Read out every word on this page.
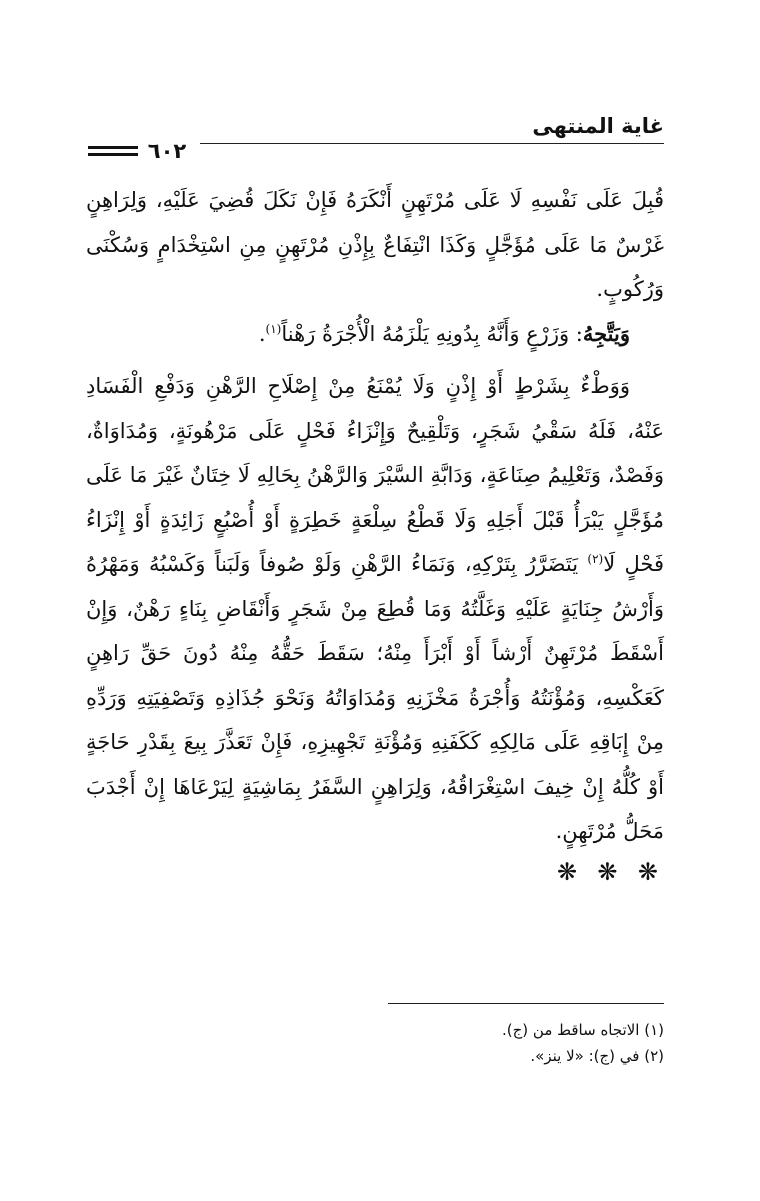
غاية المنتهى
٦٠٢

قُبِلَ عَلَى نَفْسِهِ لَا عَلَى مُرْتَهِنٍ أَنْكَرَهُ فَإِنْ نَكَلَ قُضِيَ عَلَيْهِ، وَلِرَاهِنٍ غَرْسٌ مَا عَلَى مُؤَجَّلٍ وَكَذَا انْتِفَاعٌ بِإِذْنِ مُرْتَهِنٍ مِنِ اسْتِخْدَامٍ وَسُكْنَى وَرُكُوبٍ.

وَيَتَّجِهُ: وَزَرْعٍ وَأَنَّهُ بِدُونِهِ يَلْزَمُهُ الْأُجْرَةُ رَهْناً$^{(١)}$.

وَوَطْءٌ بِشَرْطٍ أَوْ إِذْنٍ وَلَا يُمْنَعُ مِنْ إِصْلَاحِ الرَّهْنِ وَدَفْعِ الْفَسَادِ عَنْهُ، فَلَهُ سَقْيُ شَجَرٍ، وَتَلْقِيحٌ وَإِنْزَاءُ فَحْلٍ عَلَى مَرْهُونَةٍ، وَمُدَاوَاةٌ، وَفَصْدٌ، وَتَعْلِيمُ صِنَاعَةٍ، وَدَابَّةِ السَّيْرَ وَالرَّهْنُ بِحَالِهِ لَا خِتَانٌ غَيْرَ مَا عَلَى مُؤَجَّلٍ يَبْرَأُ قَبْلَ أَجَلِهِ وَلَا قَطْعُ سِلْعَةٍ خَطِرَةٍ أَوْ أُصْبُعٍ زَائِدَةٍ أَوْ إِنْزَاءُ فَحْلٍ لَا$^{(٢)}$ يَتَضَرَّرُ بِتَرْكِهِ، وَنَمَاءُ الرَّهْنِ وَلَوْ صُوفاً وَلَبَناً وَكَسْبُهُ وَمَهْرُهُ وَأَرْشُ جِنَايَةٍ عَلَيْهِ وَغَلَّتُهُ وَمَا قُطِعَ مِنْ شَجَرٍ وَأَنْقَاضِ بِنَاءٍ رَهْنٌ، وَإِنْ أَسْقَطَ مُرْتَهِنٌ أَرْشاً أَوْ أَبْرَأَ مِنْهُ؛ سَقَطَ حَقُّهُ مِنْهُ دُونَ حَقِّ رَاهِنٍ كَعَكْسِهِ، وَمُؤْنَتُهُ وَأُجْرَةُ مَخْزَنِهِ وَمُدَاوَاتُهُ وَنَحْوَ جُذَاذِهِ وَتَصْفِيَتِهِ وَرَدِّهِ مِنْ إِبَاقِهِ عَلَى مَالِكِهِ كَكَفَنِهِ وَمُؤْنَةِ تَجْهِيزِهِ، فَإِنْ تَعَذَّرَ بِيعَ بِقَدْرِ حَاجَةٍ أَوْ كُلُّهُ إِنْ خِيفَ اسْتِغْرَاقُهُ، وَلِرَاهِنٍ السَّفَرُ بِمَاشِيَةٍ لِيَرْعَاهَا إِنْ أَجْدَبَ مَحَلُّ مُرْتَهِنٍ.

❋ ❋ ❋

(١) الاتجاه ساقط من (ج).

(٢) في (ج): «لا ينز».
